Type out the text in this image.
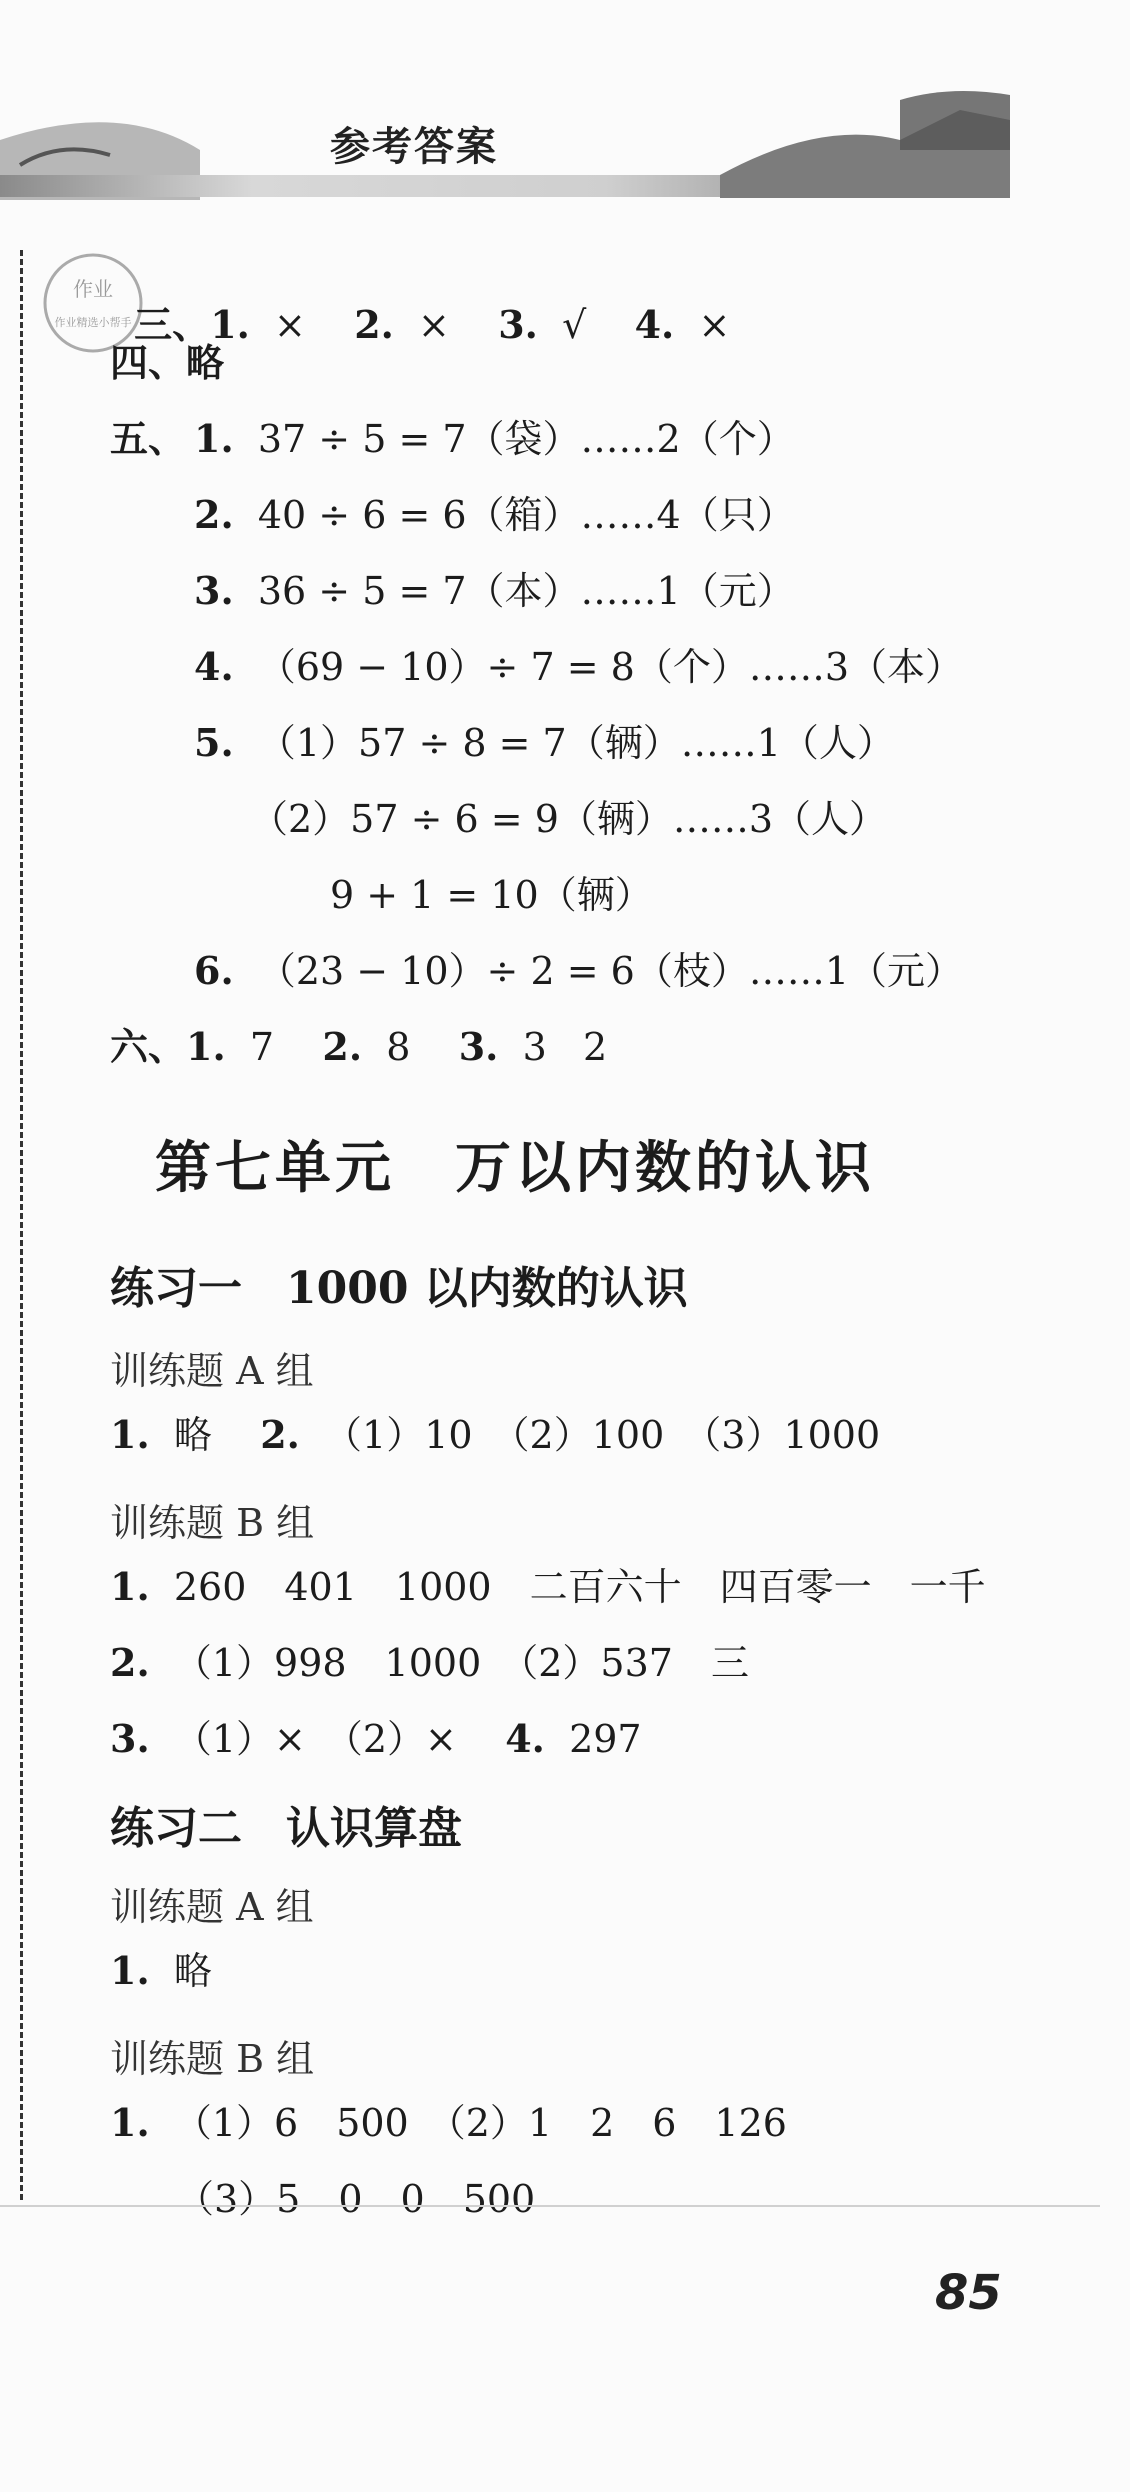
参考答案
作业
作业精选小帮手 三、1. × 2. × 3. √ 4. ×

四、略
五、 1. 37 ÷ 5 = 7（袋）……2（个）
2. 40 ÷ 6 = 6（箱）……4（只）
3. 36 ÷ 5 = 7（本）……1（元）
4. （69 − 10）÷ 7 = 8（个）……3（本）
5. （1）57 ÷ 8 = 7（辆）……1（人）
（2）57 ÷ 6 = 9（辆）……3（人）
9 + 1 = 10（辆）
6. （23 − 10）÷ 2 = 6（枝）……1（元）
六、1. 7 2. 8 3. 3   2
第七单元　万以内数的认识
练习一　1000 以内数的认识
训练题 A 组
1. 略 2. （1）10　（2）100　（3）1000
训练题 B 组
1. 260　401　1000　二百六十　四百零一　一千
2. （1）998　1000　（2）537　三
3. （1）×　（2）× 4. 297
练习二　认识算盘
训练题 A 组
1. 略
训练题 B 组
1. （1）6　500　（2）1　2　6　126
（3）5　0　0　500
85
